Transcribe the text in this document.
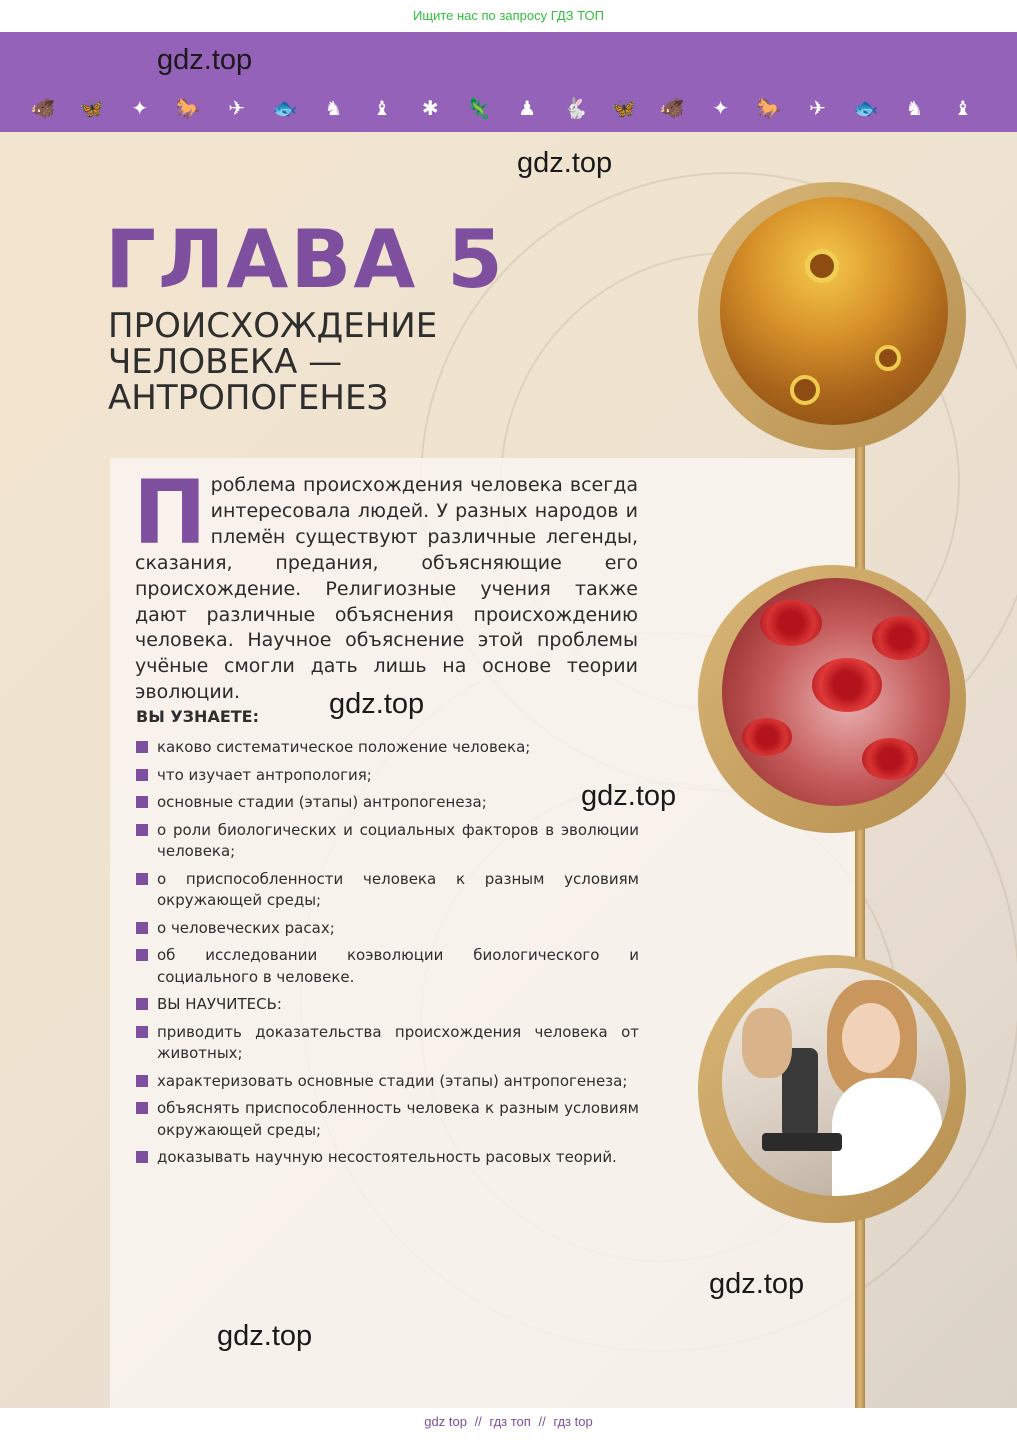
Ищите нас по запросу ГДЗ ТОП
gdz.top
🐗 🦋	✦	🐎	✈	🐟	♞	♝	✱	🦎	♟	🐇 🦋 🐗	✦	🐎	✈	🐟	♞	♝
gdz.top
ГЛАВА 5
ПРОИСХОЖДЕНИЕ
ЧЕЛОВЕКА —
АНТРОПОГЕНЕЗ
П роблема происхождения человека всегда интересовала людей. У разных народов и племён существуют различные легенды, сказания, предания, объясняющие его происхождение. Религиозные учения также дают различные объяснения происхождению человека. Научное объяснение этой проблемы учёные смогли дать лишь на основе теории эволюции.
ВЫ УЗНАЕТЕ:
каково систематическое положение человека;
что изучает антропология;
основные стадии (этапы) антропогенеза;
о роли биологических и социальных факторов в эволюции человека;
о приспособленности человека к разным условиям окружающей среды;
о человеческих расах;
об исследовании коэволюции биологического и социального в человеке.
ВЫ НАУЧИТЕСЬ:
приводить доказательства происхождения человека от животных;
характеризовать основные стадии (этапы) антропогенеза;
объяснять приспособленность человека к разным условиям окружающей среды;
доказывать научную несостоятельность расовых теорий.
gdz.top
gdz.top
gdz.top
gdz.top
gdz top // гдз топ // гдз top
